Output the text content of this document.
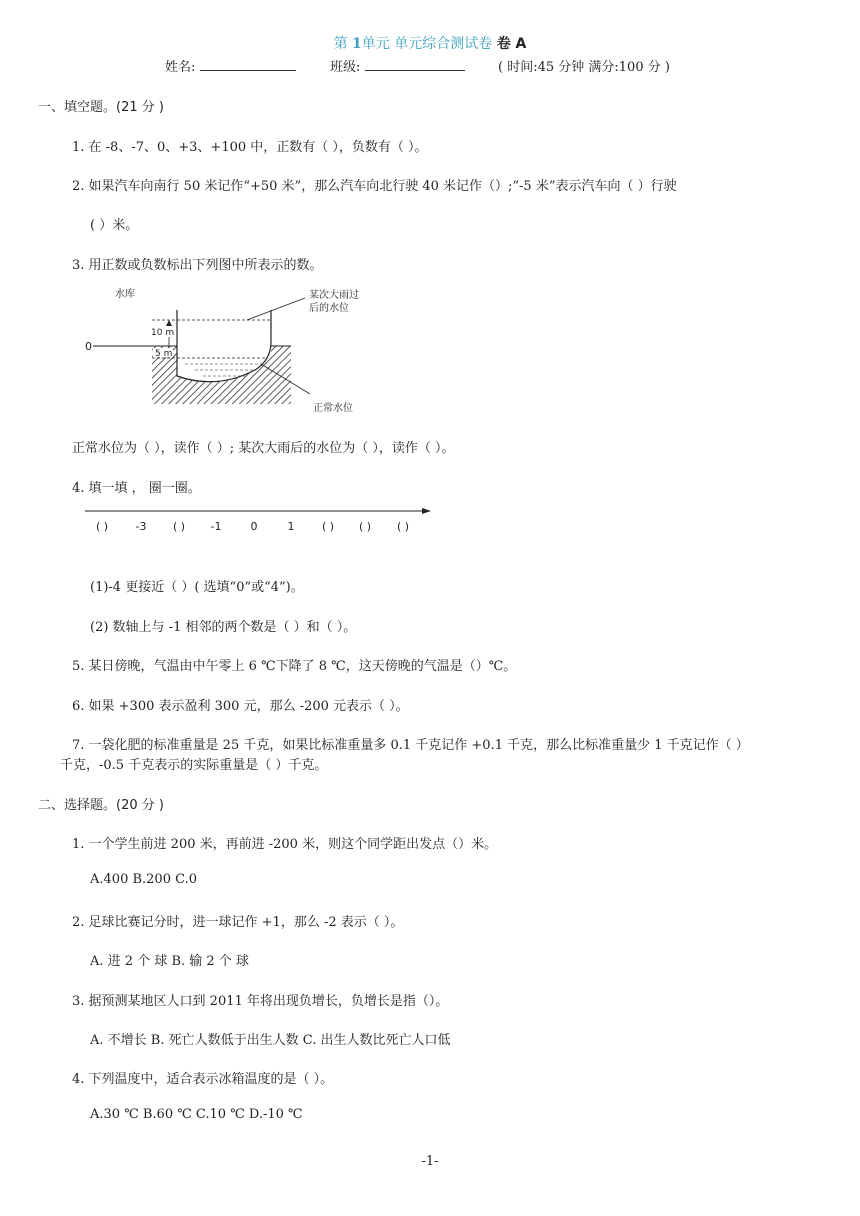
第 1单元 单元综合测试卷 卷 A
姓名:	班级:	( 时间:45 分钟 满分:100 分 )
一、填空题。(21 分 )
1. 在 -8、-7、0、+3、+100 中，正数有（ ），负数有（ ）。
2. 如果汽车向南行 50 米记作“+50 米”，那么汽车向北行驶 40 米记作（）;“-5 米”表示汽车向（ ）行驶
( ）米。
3. 用正数或负数标出下列图中所表示的数。
水库
0
10 m
5 m
某次大雨过
后的水位
正常水位
正常水位为（ ），读作（ ）; 某次大雨后的水位为（ ），读作（ ）。
4. 填一填 ， 圈一圈。
( ) -3 ( ) -1	0	1 ( ) ( ) ( )
(1)-4 更接近（ ）( 选填“0”或“4”)。
(2) 数轴上与 -1 相邻的两个数是（ ）和（ ）。
5. 某日傍晚，气温由中午零上 6 ℃下降了 8 ℃，这天傍晚的气温是（）℃。
6. 如果 +300 表示盈利 300 元，那么 -200 元表示（ ）。
7. 一袋化肥的标准重量是 25 千克，如果比标准重量多 0.1 千克记作 +0.1 千克，那么比标准重量少 1 千克记作（ ）
千克，-0.5 千克表示的实际重量是（ ）千克。
二、选择题。(20 分 )
1. 一个学生前进 200 米，再前进 -200 米，则这个同学距出发点（）米。
A.400 B.200 C.0
2. 足球比赛记分时，进一球记作 +1，那么 -2 表示（ ）。
A. 进 2 个 球 B. 输 2 个 球
3. 据预测某地区人口到 2011 年将出现负增长，负增长是指（）。
A. 不增长 B. 死亡人数低于出生人数 C. 出生人数比死亡人口低
4. 下列温度中，适合表示冰箱温度的是（ ）。
A.30 ℃ B.60 ℃ C.10 ℃ D.-10 ℃
-1-
